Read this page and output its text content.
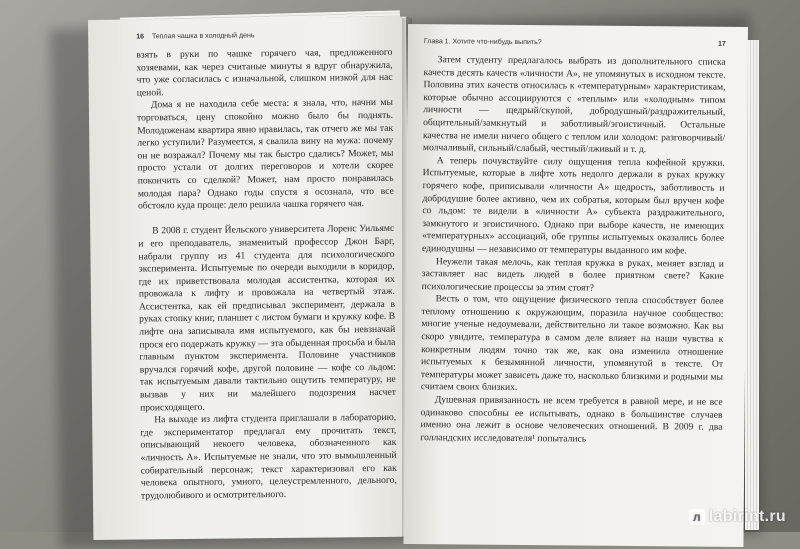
16 Теплая чашка в холодный день

взять в руки по чашке горячего чая, предложенного хозяевами, как через считаные минуты я вдруг обнаружила, что уже соглаcилась с изначальной, слишком низкой для нас ценой.

Дома я не находила себе места: я знала, что, начни мы торговаться, цену спокойно можно было бы поднять. Молодоженам квартира явно нравилась, так отчего же мы так легко уступили? Разумеется, я свалила вину на мужа: почему он не возражал? Почему мы так быстро сдались? Может, мы просто устали от долгих переговоров и хотели скорее покончить со сделкой? Может, нам просто понравилась молодая пара? Однако годы спустя я осознала, что все обстояло куда проще: дело решила чашка горячего чая.

В 2008 г. студент Йельского университета Лоренс Уильямс и его преподаватель, знаменитый профессор Джон Барг, набрали группу из 41 студента для психологического эксперимента. Испытуемые по очереди выходили в коридор, где их приветствовала молодая ассистентка, которая их провожала к лифту и провожала на четвертый этаж. Ассистентка, как ей предписывал эксперимент, держала в руках стопку книг, планшет с листом бумаги и кружку кофе. В лифте она записывала имя испытуемого, как бы невзначай прося его подержать кружку — эта обыденная просьба и была главным пунктом эксперимента. Половине участников вручался горячий кофе, другой половине — кофе со льдом: так испытуемым давали тактильно ощутить температуру, не вызвав у них ни малейшего подозрения насчет происходящего.

На выходе из лифта студента приглашали в лабораторию, где экспериментатор предлагал ему прочитать текст, описывающий некоего человека, обозначенного как «личность А». Испытуемые не знали, что это вымышленный собирательный персонаж; текст характеризовал его как человека опытного, умного, целеустремленного, дельного, трудолюбивого и осмотрительного.

Глава 1. Хотите что-нибудь выпить?	17

Затем студенту предлагалось выбрать из дополнительного списка качеств десять качеств «личности А», не упомянутых в исходном тексте. Половина этих качеств относилась к «температурным» характеристикам, которые обычно ассоциируются с «теплым» или «холодным» типом личности — щедрый/скупой, добродушный/раздражительный, общительный/замкнутый и заботливый/эгоистичный. Остальные качества не имели ничего общего с теплом или холодом: разговорчивый/молчаливый, сильный/слабый, честный/лживый и т. д.

А теперь почувствуйте силу ощущения тепла кофейной кружки. Испытуемые, которые в лифте хоть недолго держали в руках кружку горячего кофе, приписывали «личности А» щедрость, заботливость и добродушие более активно, чем их собратья, которым был вручен кофе со льдом: те видели в «личности А» субъекта раздражительного, замкнутого и эгоистичного. Однако при выборе качеств, не имеющих «температурных» ассоциаций, обе группы испытуемых оказались более единодушны — независимо от температуры выданного им кофе.

Неужели такая мелочь, как теплая кружка в руках, меняет взгляд и заставляет нас видеть людей в более приятном свете? Какие психологические процессы за этим стоят?

Весть о том, что ощущение физического тепла способствует более теплому отношению к окружающим, поразила научное сообщество: многие ученые недоумевали, действительно ли такое возможно. Как вы скоро увидите, температура в самом деле влияет на наши чувства к конкретным людям точно так же, как она изменила отношение испытуемых к безымянной личности, упомянутой в тексте. От температуры может зависеть даже то, насколько близкими и родными мы считаем своих близких.

Душевная привязанность не всем требуется в равной мере, и не все одинаково способны ее испытывать, однако в большинстве случаев именно она лежит в основе человеческих отношений. В 2009 г. два голландских исследователя¹ попытались

л labirint.ru
